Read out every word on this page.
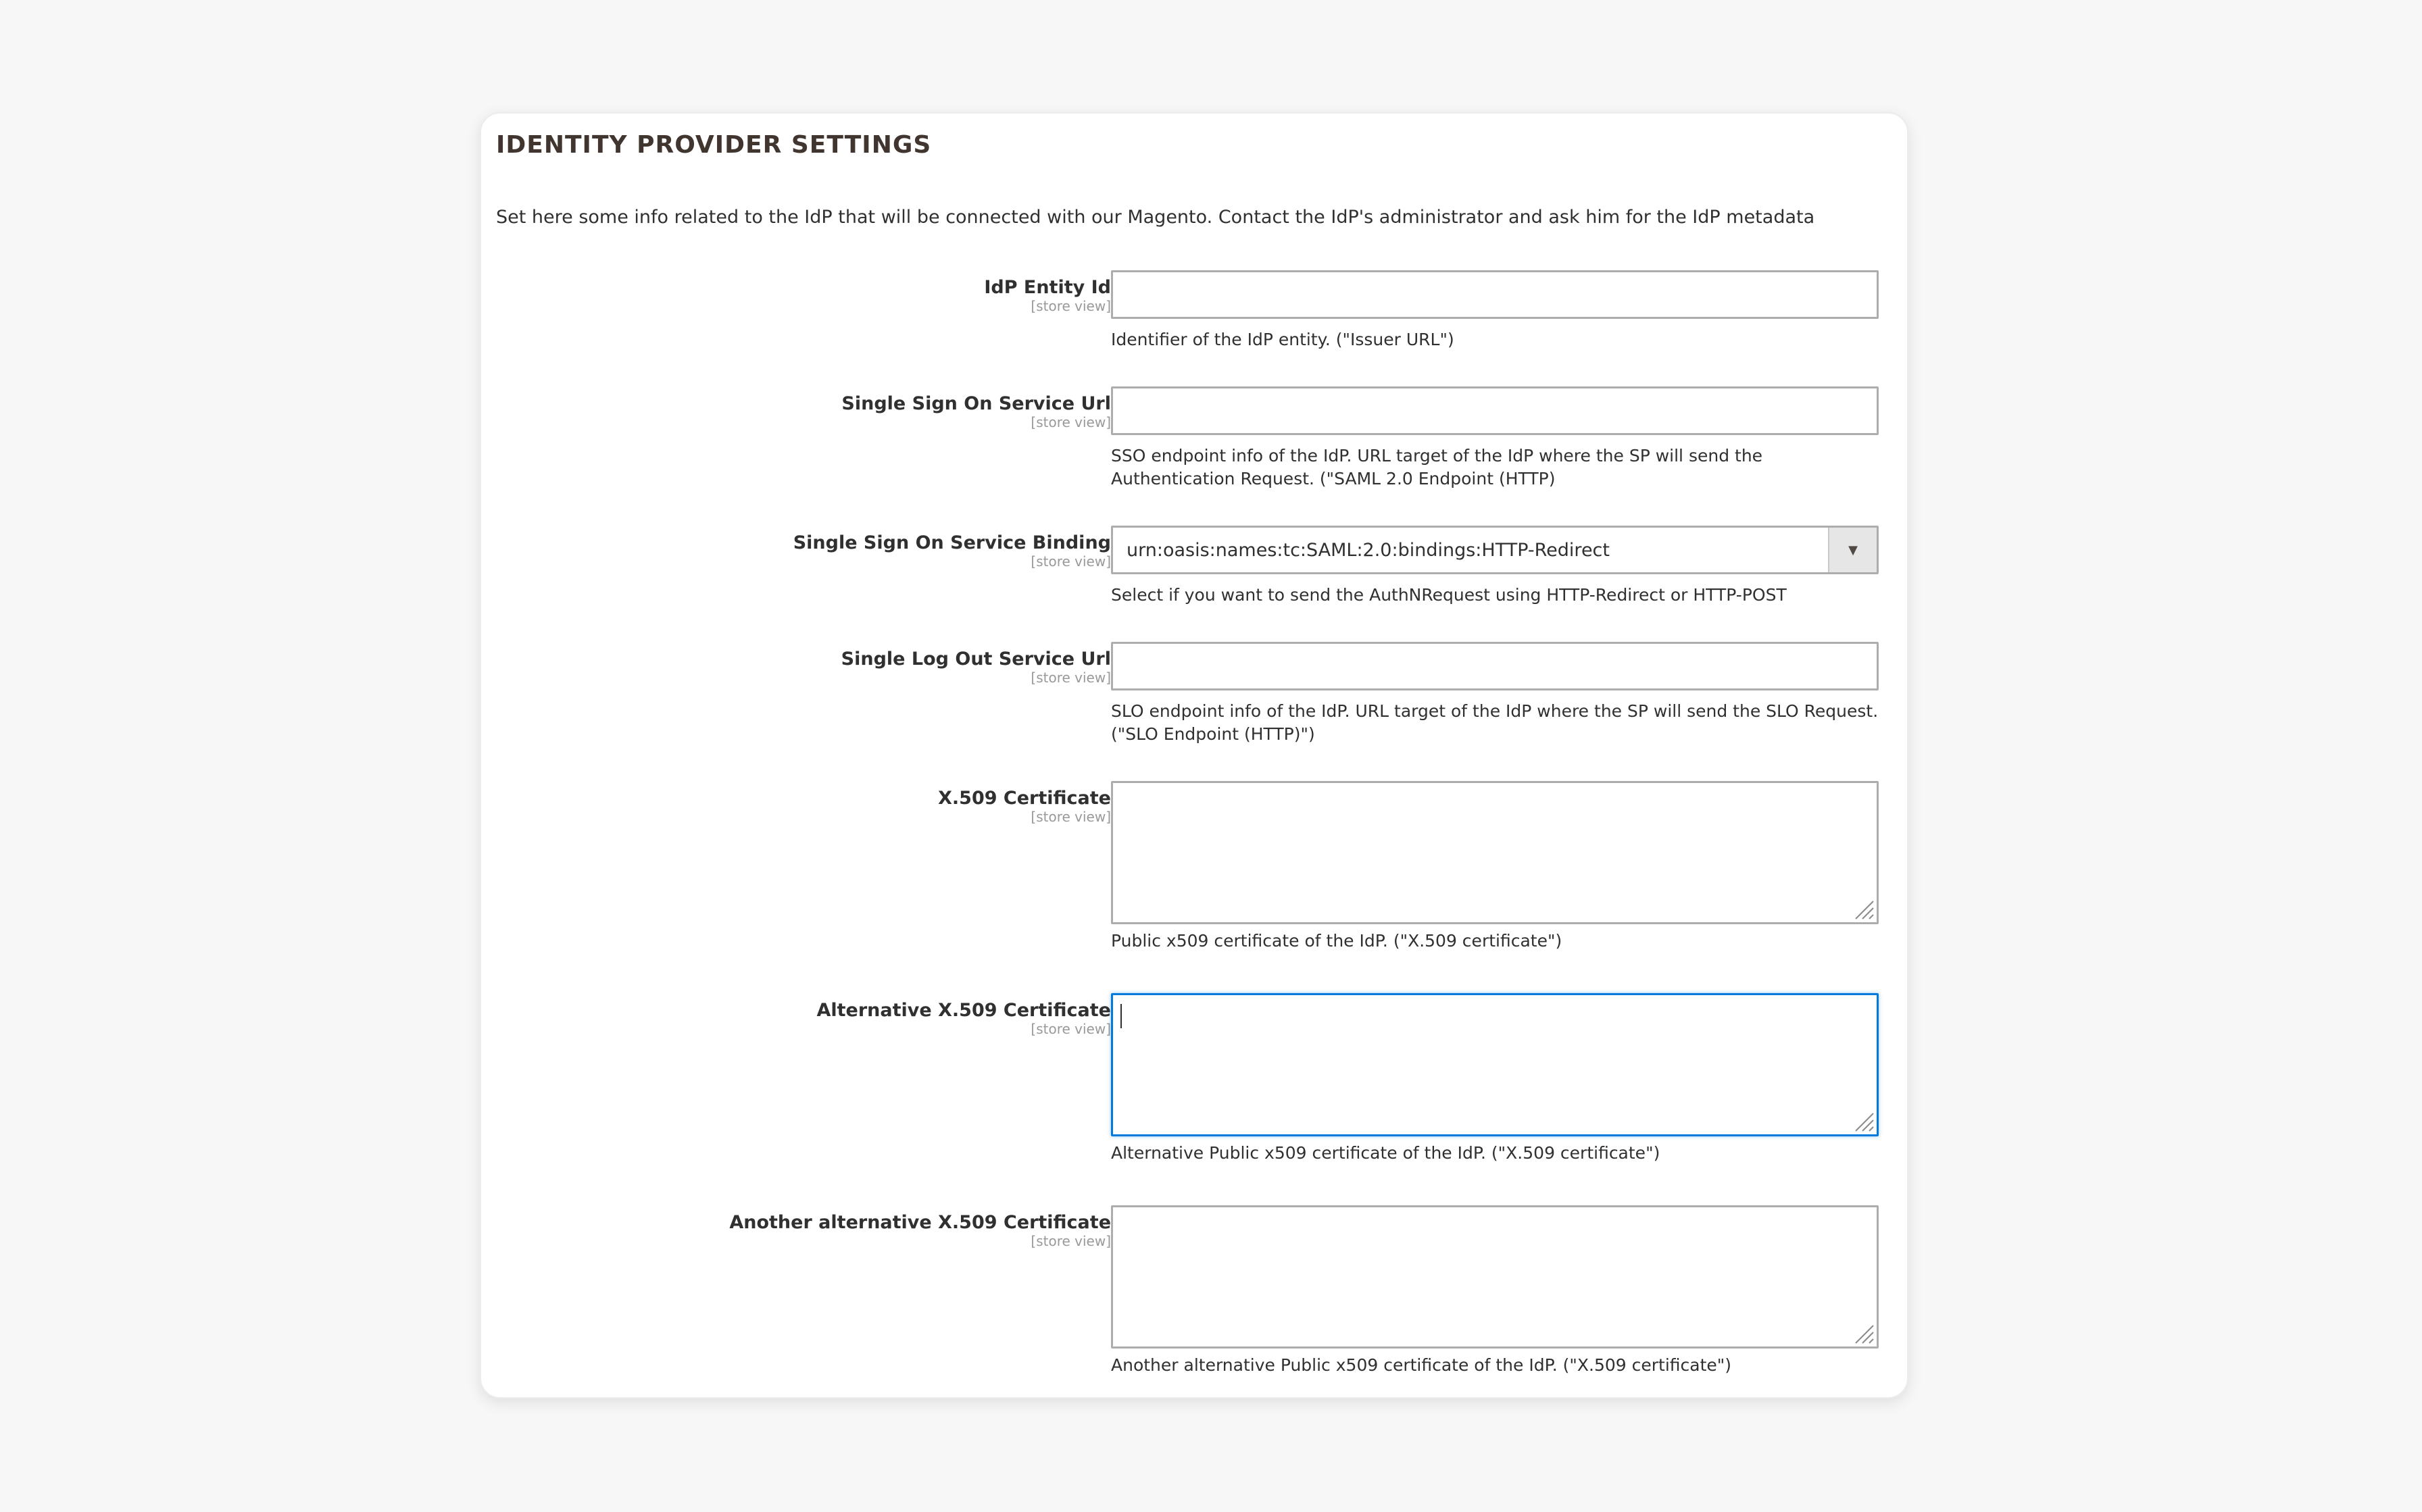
IDENTITY PROVIDER SETTINGS

Set here some info related to the IdP that will be connected with our Magento. Contact the IdP's administrator and ask him for the IdP metadata

IdP Entity Id
[store view]
Identifier of the IdP entity. ("Issuer URL")
Single Sign On Service Url
[store view]
SSO endpoint info of the IdP. URL target of the IdP where the SP will send the Authentication Request. ("SAML 2.0 Endpoint (HTTP)
Single Sign On Service Binding
[store view]
urn:oasis:names:tc:SAML:2.0:bindings:HTTP-Redirect	▼
Select if you want to send the AuthNRequest using HTTP-Redirect or HTTP-POST
Single Log Out Service Url
[store view]
SLO endpoint info of the IdP. URL target of the IdP where the SP will send the SLO Request. ("SLO Endpoint (HTTP)")
X.509 Certificate
[store view]
Public x509 certificate of the IdP. ("X.509 certificate")
Alternative X.509 Certificate
[store view]
Alternative Public x509 certificate of the IdP. ("X.509 certificate")
Another alternative X.509 Certificate
[store view]
Another alternative Public x509 certificate of the IdP. ("X.509 certificate")
